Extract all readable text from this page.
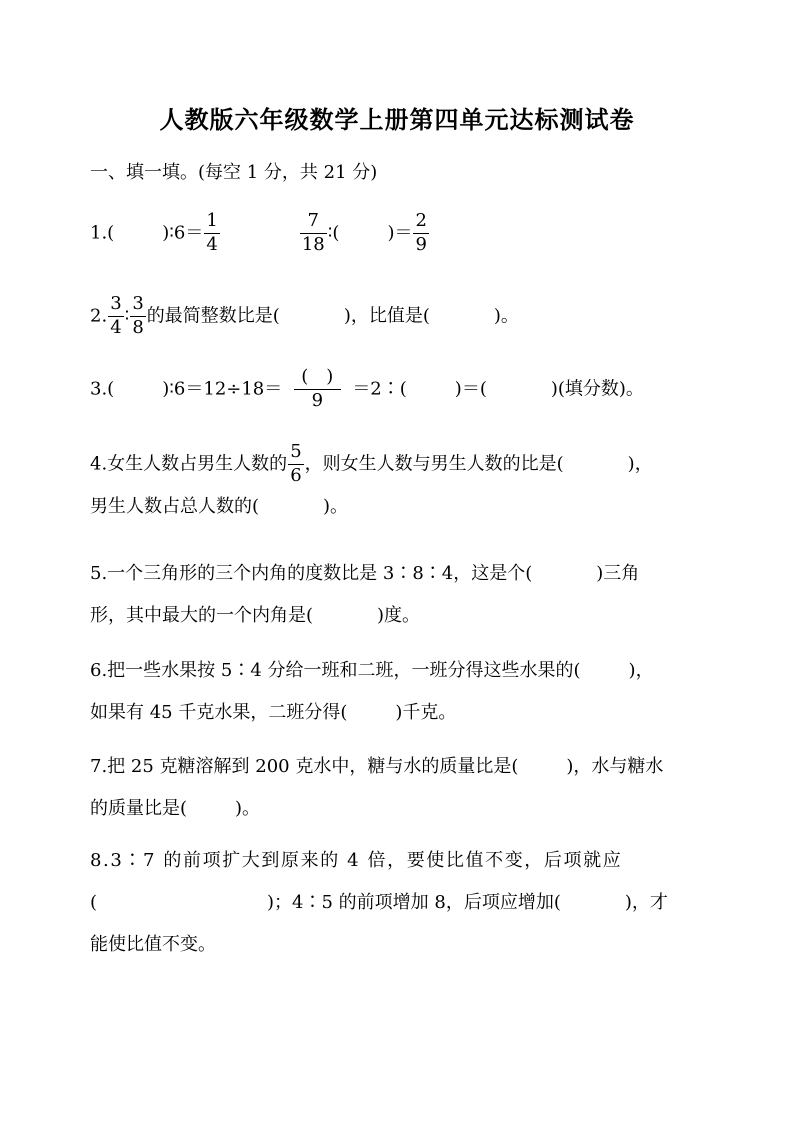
人教版六年级数学上册第四单元达标测试卷
一、填一填。(每空 1 分，共 21 分)
1.(	)∶6＝ $\frac{1}{4}$	$\frac{7}{18}$ ∶(	)＝ $\frac{2}{9}$
2. $\frac{3}{4}$ ∶ $\frac{3}{8}$ 的最简整数比是(	)，比值是(	)。
3.(	)∶6＝12÷18＝ $\frac{( )}{9}$ ＝2∶(	)＝(	)(填分数)。
4.女生人数占男生人数的 $\frac{5}{6}$ ，则女生人数与男生人数的比是(	)，
男生人数占总人数的(	)。
5.一个三角形的三个内角的度数比是 3∶8∶4，这是个(	)三角
形，其中最大的一个内角是(	)度。
6.把一些水果按 5∶4 分给一班和二班，一班分得这些水果的(	)，
如果有 45 千克水果，二班分得(	)千克。
7.把 25 克糖溶解到 200 克水中，糖与水的质量比是(	)，水与糖水
的质量比是(	)。
8.3∶7 的前项扩大到原来的 4 倍，要使比值不变，后项就应
(	)；4∶5 的前项增加 8，后项应增加(	)，才
能使比值不变。
